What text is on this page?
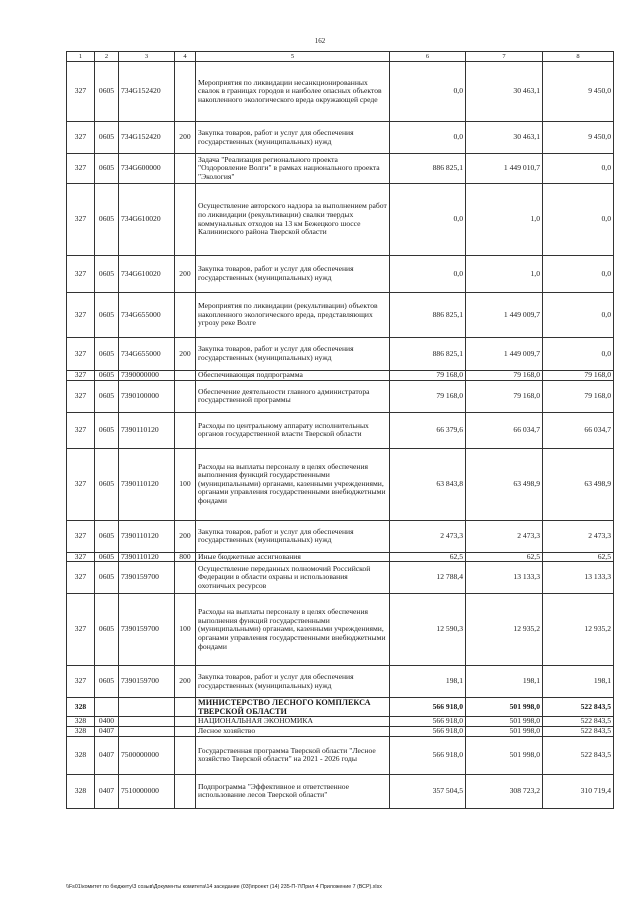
162
1	2	3	4	5	6	7	8
327	0605	734G152420		Мероприятия по ликвидации несанкционированных свалок в границах городов и наиболее опасных объектов накопленного экологического вреда окружающей среде	0,0	30 463,1	9 450,0
327	0605	734G152420	200	Закупка товаров, работ и услуг для обеспечения государственных (муниципальных) нужд	0,0	30 463,1	9 450,0
327	0605	734G600000		Задача "Реализация регионального проекта "Оздоровление Волги" в рамках национального проекта "Экология"	886 825,1	1 449 010,7	0,0
327	0605	734G610020		Осуществление авторского надзора за выполнением работ по ликвидации (рекультивации) свалки твердых коммунальных отходов на 13 км Бежецкого шоссе Калининского района Тверской области	0,0	1,0	0,0
327	0605	734G610020	200	Закупка товаров, работ и услуг для обеспечения государственных (муниципальных) нужд	0,0	1,0	0,0
327	0605	734G655000		Мероприятия по ликвидации (рекультивации) объектов накопленного экологического вреда, представляющих угрозу реке Волге	886 825,1	1 449 009,7	0,0
327	0605	734G655000	200	Закупка товаров, работ и услуг для обеспечения государственных (муниципальных) нужд	886 825,1	1 449 009,7	0,0
327	0605	7390000000		Обеспечивающая подпрограмма	79 168,0	79 168,0	79 168,0
327	0605	7390100000		Обеспечение деятельности главного администратора государственной программы	79 168,0	79 168,0	79 168,0
327	0605	7390110120		Расходы по центральному аппарату исполнительных органов государственной власти Тверской области	66 379,6	66 034,7	66 034,7
327	0605	7390110120	100	Расходы на выплаты персоналу в целях обеспечения выполнения функций государственными (муниципальными) органами, казенными учреждениями, органами управления государственными внебюджетными фондами	63 843,8	63 498,9	63 498,9
327	0605	7390110120	200	Закупка товаров, работ и услуг для обеспечения государственных (муниципальных) нужд	2 473,3	2 473,3	2 473,3
327	0605	7390110120	800	Иные бюджетные ассигнования	62,5	62,5	62,5
327	0605	7390159700		Осуществление переданных полномочий Российской Федерации в области охраны и использования охотничьих ресурсов	12 788,4	13 133,3	13 133,3
327	0605	7390159700	100	Расходы на выплаты персоналу в целях обеспечения выполнения функций государственными (муниципальными) органами, казенными учреждениями, органами управления государственными внебюджетными фондами	12 590,3	12 935,2	12 935,2
327	0605	7390159700	200	Закупка товаров, работ и услуг для обеспечения государственных (муниципальных) нужд	198,1	198,1	198,1
328				МИНИСТЕРСТВО ЛЕСНОГО КОМПЛЕКСА ТВЕРСКОЙ ОБЛАСТИ	566 918,0	501 998,0	522 843,5
328	0400			НАЦИОНАЛЬНАЯ ЭКОНОМИКА	566 918,0	501 998,0	522 843,5
328	0407			Лесное хозяйство	566 918,0	501 998,0	522 843,5
328	0407	7500000000		Государственная программа Тверской области "Лесное хозяйство Тверской области" на 2021 - 2026 годы	566 918,0	501 998,0	522 843,5
328	0407	7510000000		Подпрограмма "Эффективное и ответственное использование лесов Тверской области"	357 504,5	308 723,2	310 719,4
\\Fs01\комитет по бюджету\3 созыв\Документы комитета\14 заседание (03)\проект (14) 235-П-7\Прил 4 Приложение 7 (ВСР).xlsx
